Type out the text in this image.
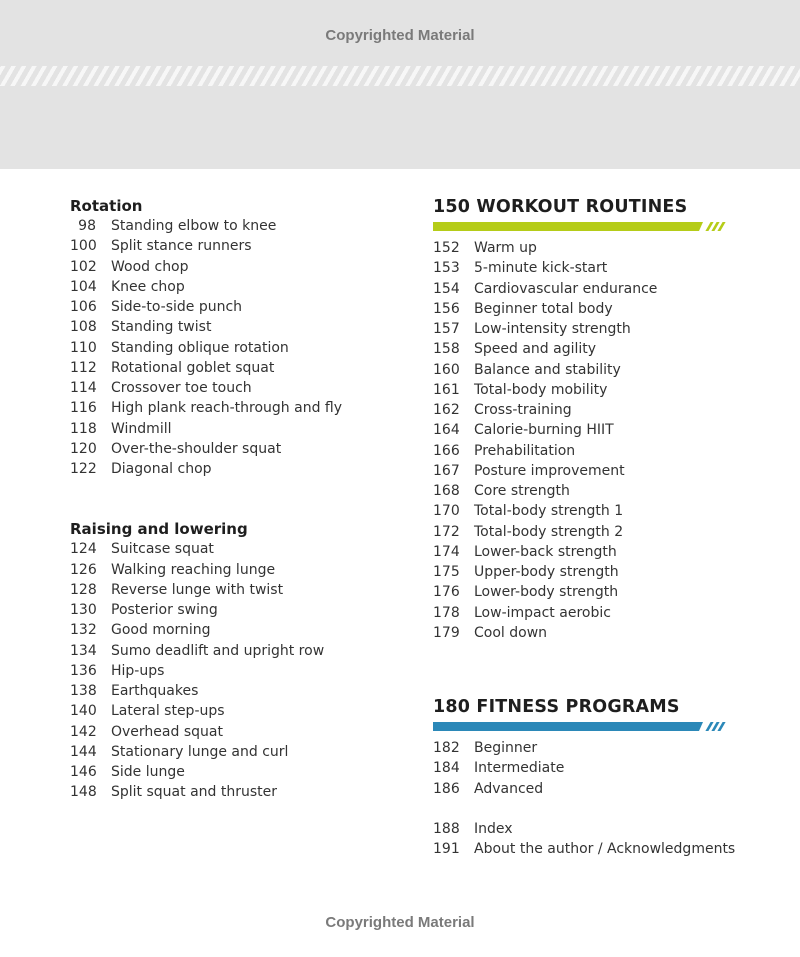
Copyrighted Material
Rotation
98 Standing elbow to knee
100 Split stance runners
102 Wood chop
104 Knee chop
106 Side-to-side punch
108 Standing twist
110 Standing oblique rotation
112 Rotational goblet squat
114 Crossover toe touch
116 High plank reach-through and fly
118 Windmill
120 Over-the-shoulder squat
122 Diagonal chop
Raising and lowering
124 Suitcase squat
126 Walking reaching lunge
128 Reverse lunge with twist
130 Posterior swing
132 Good morning
134 Sumo deadlift and upright row
136 Hip-ups
138 Earthquakes
140 Lateral step-ups
142 Overhead squat
144 Stationary lunge and curl
146 Side lunge
148 Split squat and thruster
150 WORKOUT ROUTINES
152 Warm up
153 5-minute kick-start
154 Cardiovascular endurance
156 Beginner total body
157 Low-intensity strength
158 Speed and agility
160 Balance and stability
161 Total-body mobility
162 Cross-training
164 Calorie-burning HIIT
166 Prehabilitation
167 Posture improvement
168 Core strength
170 Total-body strength 1
172 Total-body strength 2
174 Lower-back strength
175 Upper-body strength
176 Lower-body strength
178 Low-impact aerobic
179 Cool down
180 FITNESS PROGRAMS
182 Beginner
184 Intermediate
186 Advanced
188 Index
191 About the author / Acknowledgments
Copyrighted Material
